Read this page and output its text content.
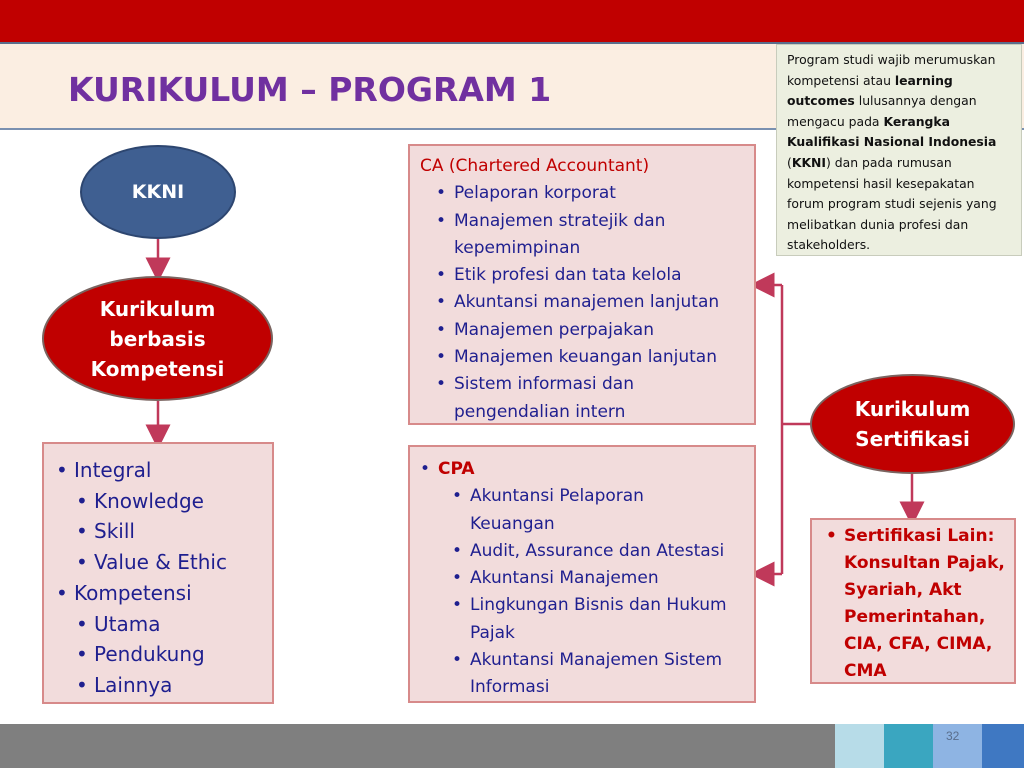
KURIKULUM – PROGRAM 1
Program studi wajib merumuskan kompetensi atau learning outcomes lulusannya dengan mengacu pada Kerangka Kualifikasi Nasional Indonesia (KKNI) dan pada rumusan kompetensi hasil kesepakatan forum program studi sejenis yang melibatkan dunia profesi dan stakeholders.
KKNI
Kurikulum
berbasis
Kompetensi
Kurikulum
Sertifikasi
CA (Chartered Accountant)
• Pelaporan korporat
• Manajemen stratejik dan
kepemimpinan
• Etik profesi dan tata kelola
• Akuntansi manajemen lanjutan
• Manajemen perpajakan
• Manajemen keuangan lanjutan
• Sistem informasi dan
pengendalian intern
• CPA
• Akuntansi Pelaporan
Keuangan
• Audit, Assurance dan Atestasi
• Akuntansi Manajemen
• Lingkungan Bisnis dan Hukum
Pajak
• Akuntansi Manajemen Sistem
Informasi
• Integral
• Knowledge
• Skill
• Value & Ethic
• Kompetensi
• Utama
• Pendukung
• Lainnya
• Sertifikasi Lain:
Konsultan Pajak,
Syariah, Akt
Pemerintahan,
CIA, CFA, CIMA,
CMA
32
